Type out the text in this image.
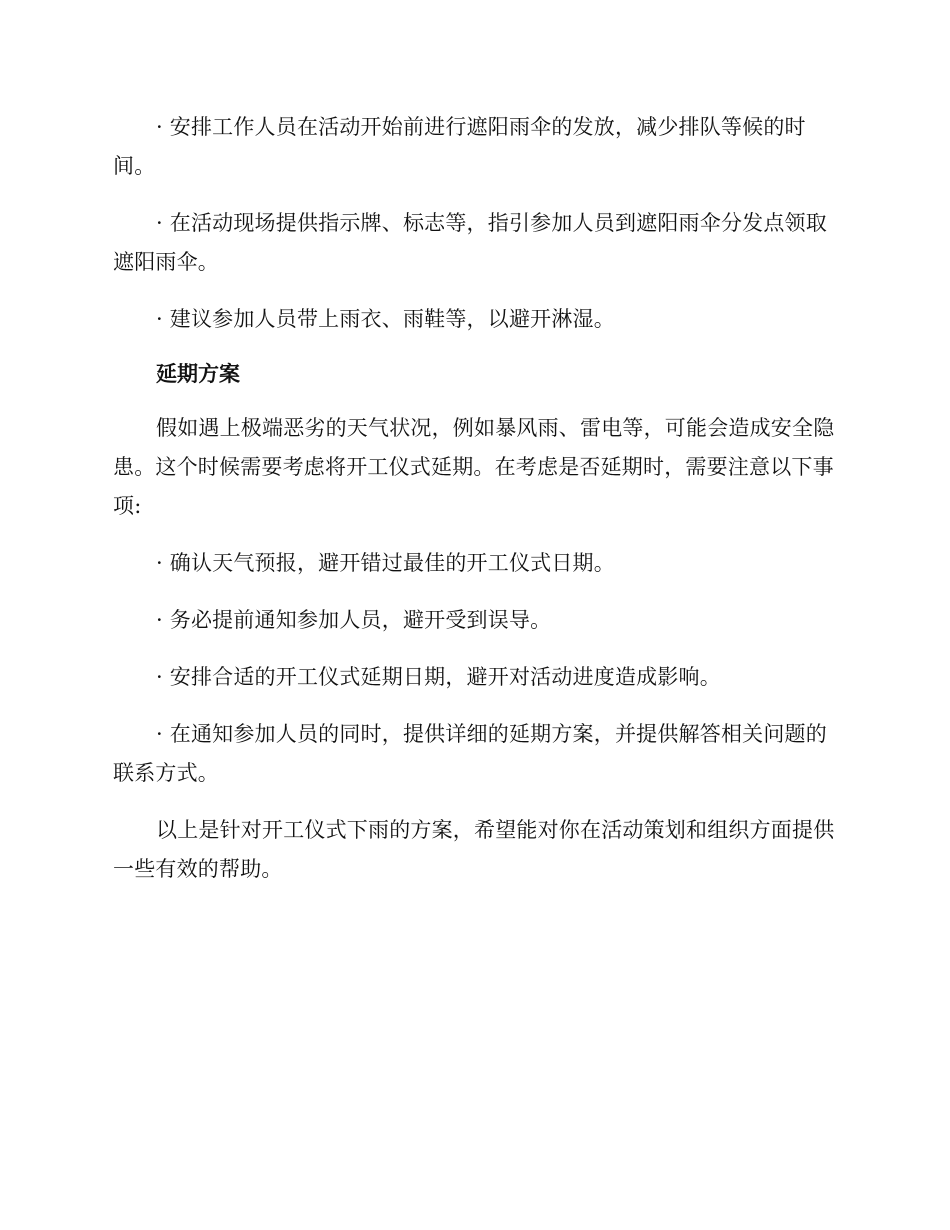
· 安排工作人员在活动开始前进行遮阳雨伞的发放，减少排队等候的时间。

· 在活动现场提供指示牌、标志等，指引参加人员到遮阳雨伞分发点领取遮阳雨伞。

· 建议参加人员带上雨衣、雨鞋等，以避开淋湿。

延期方案

假如遇上极端恶劣的天气状况，例如暴风雨、雷电等，可能会造成安全隐患。这个时候需要考虑将开工仪式延期。在考虑是否延期时，需要注意以下事项:

· 确认天气预报，避开错过最佳的开工仪式日期。

· 务必提前通知参加人员，避开受到误导。

· 安排合适的开工仪式延期日期，避开对活动进度造成影响。

· 在通知参加人员的同时，提供详细的延期方案，并提供解答相关问题的联系方式。

以上是针对开工仪式下雨的方案，希望能对你在活动策划和组织方面提供一些有效的帮助。
